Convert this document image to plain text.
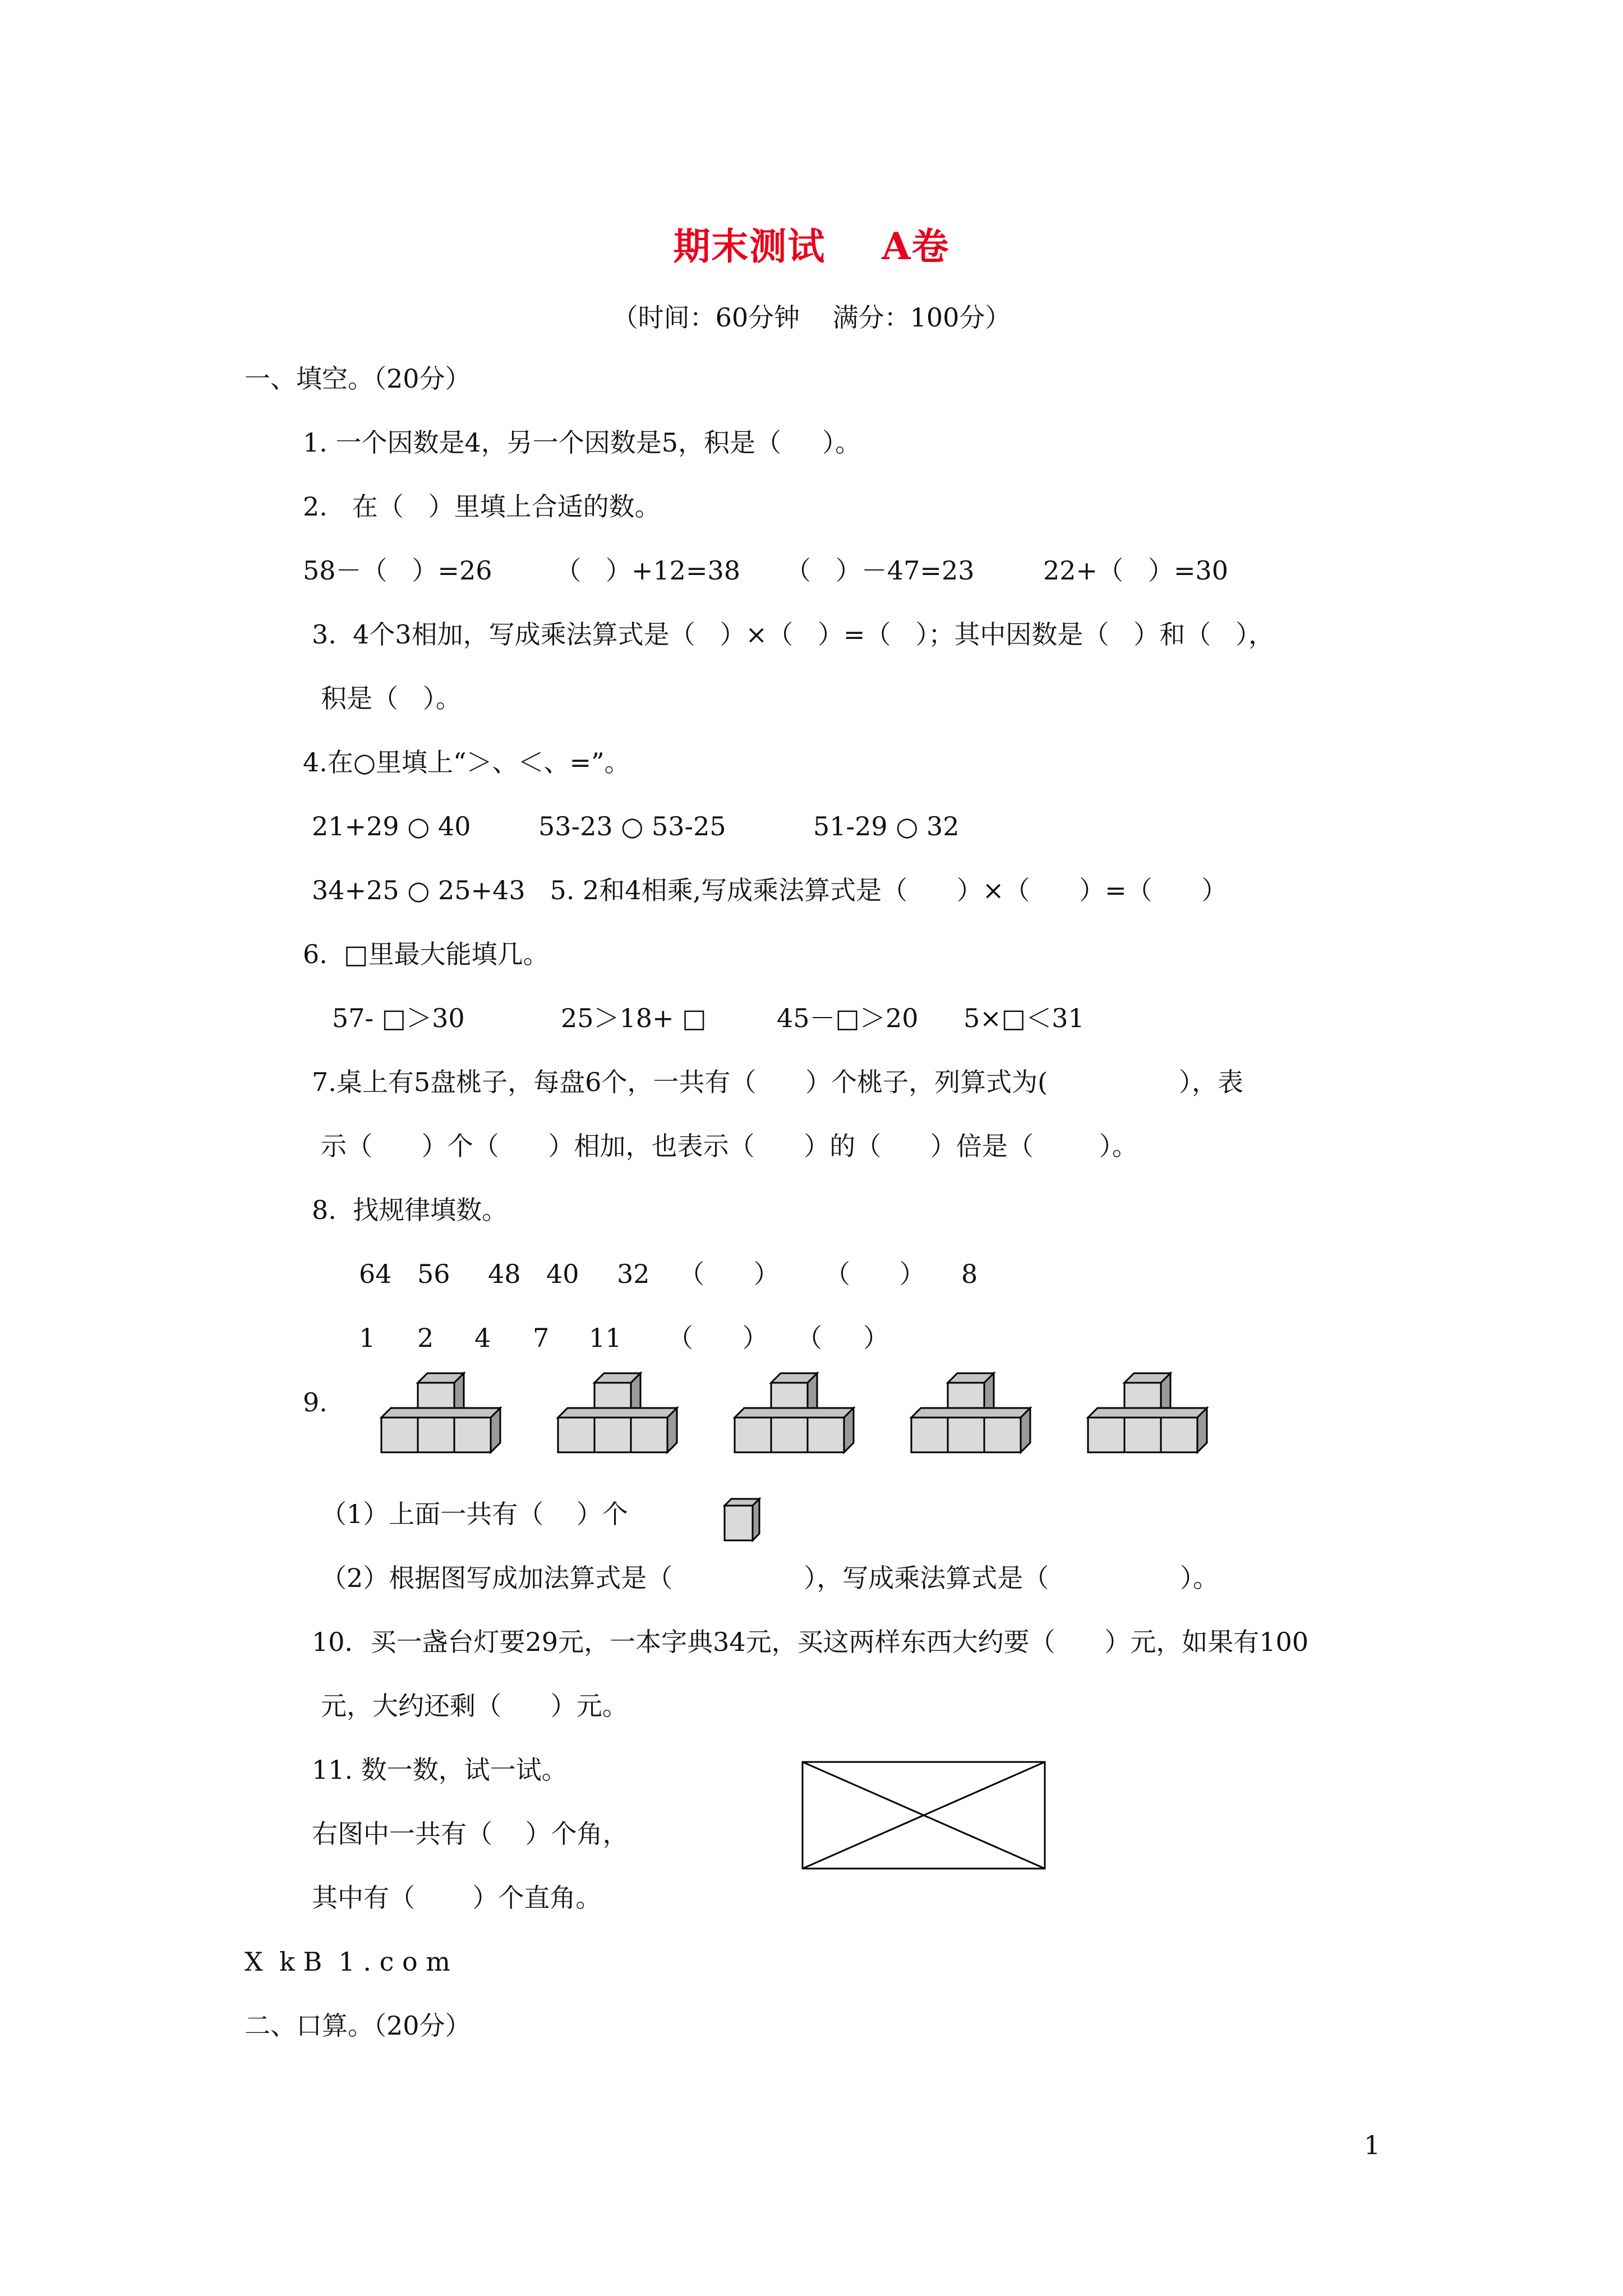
期末测试    A卷
（时间：60分钟    满分：100分）
一、填空。（20分）
1. 一个因数是4，另一个因数是5，积是（     ）。
2.   在（   ）里填上合适的数。
58－（   ）=26 （   ）+12=38 （   ）－47=23	22+（   ）=30
3.  4个3相加，写成乘法算式是（   ）×（   ）=（   ）；其中因数是（   ）和（   ），
积是（   ）。
4.在○里填上“＞、＜、=”。
21+29 ○ 40	53-23 ○ 53-25	51-29 ○ 32
34+25 ○ 25+43   5. 2和4相乘,写成乘法算式是（      ）×（      ）=（      ）
6.  □里最大能填几。
57- □＞30	25＞18+ □	45－□＞20 5×□＜31
7.桌上有5盘桃子，每盘6个，一共有（      ）个桃子，列算式为(                ），表
示（      ）个（      ）相加，也表示（      ）的（      ）倍是（        ）。
8.  找规律填数。
64 56 48 40 32 （      ） （      ） 8
1 2 4 7 11 （      ） （     ）
9.
（1）上面一共有（    ）个
（2）根据图写成加法算式是（                ），写成乘法算式是（                ）。
10．买一盏台灯要29元，一本字典34元，买这两样东西大约要（      ）元，如果有100
元，大约还剩（      ）元。
11. 数一数，试一试。
右图中一共有（    ）个角，
其中有（       ）个直角。
X  k B  1 . c o m
二、口算。（20分）
1
